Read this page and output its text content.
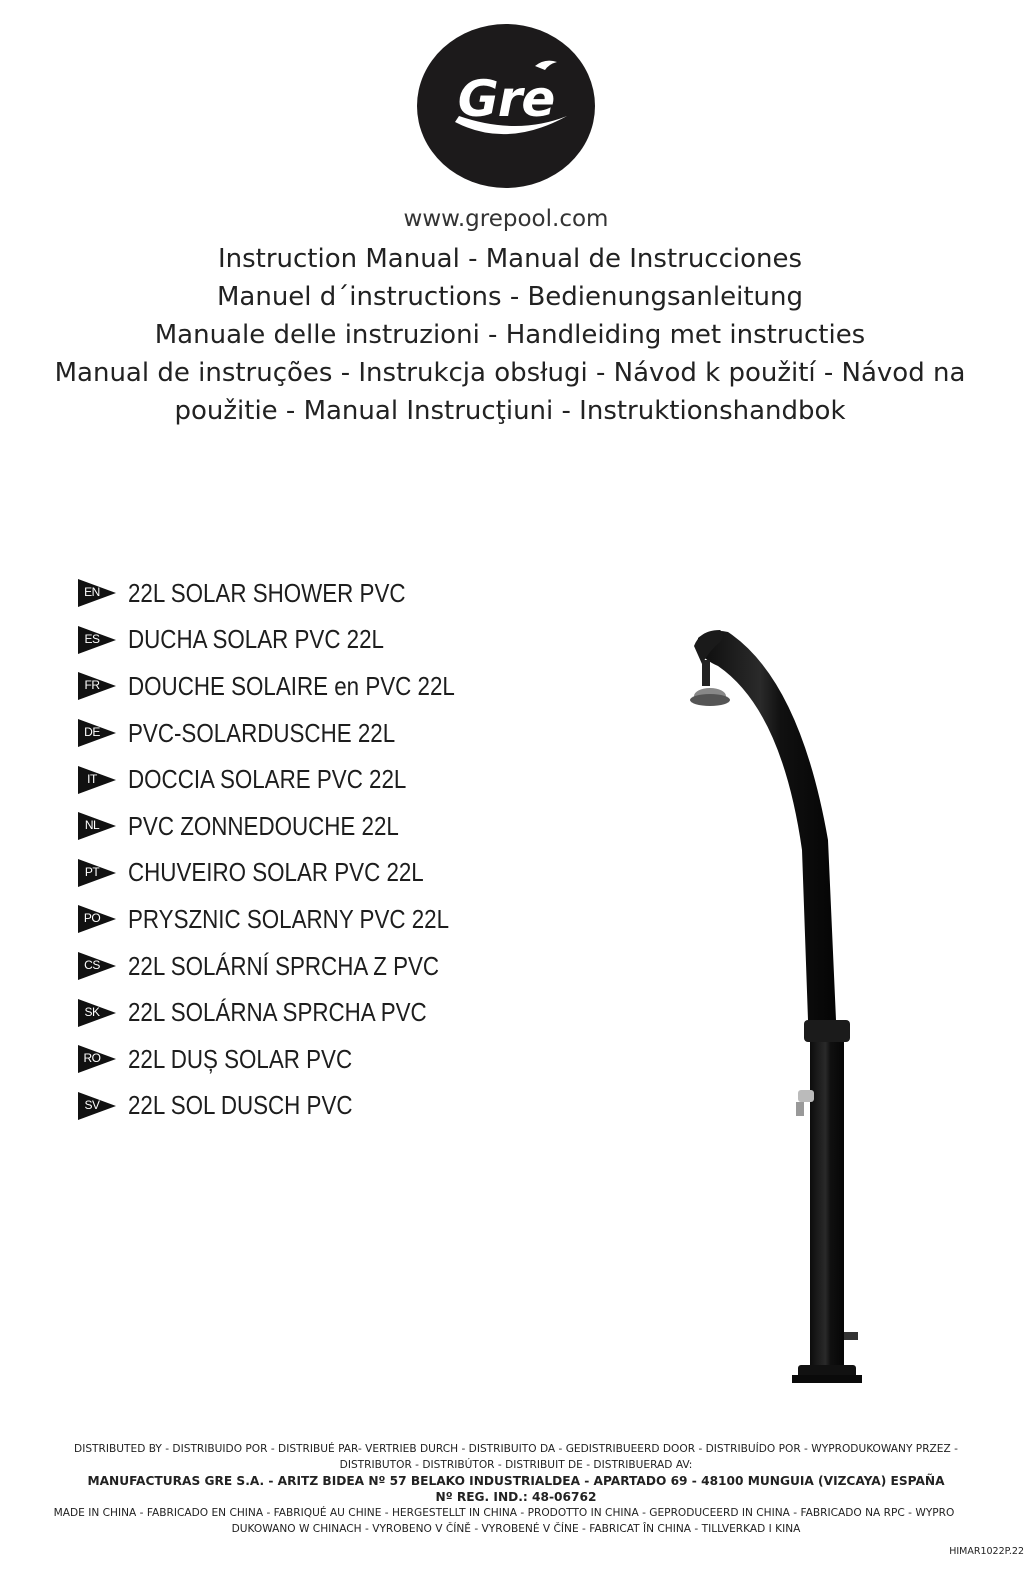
Gre
www.grepool.com
Instruction Manual - Manual de Instrucciones
Manuel d´instructions - Bedienungsanleitung
Manuale delle instruzioni - Handleiding met instructies
Manual de instruções - Instrukcja obsługi - Návod k použití - Návod na
použitie - Manual Instrucţiuni - Instruktionshandbok
EN 22L SOLAR SHOWER PVC
ES DUCHA SOLAR PVC 22L
FR DOUCHE SOLAIRE en PVC 22L
DE PVC-SOLARDUSCHE 22L
IT DOCCIA SOLARE PVC 22L
NL PVC ZONNEDOUCHE 22L
PT CHUVEIRO SOLAR PVC 22L
PO PRYSZNIC SOLARNY PVC 22L
CS 22L SOLÁRNÍ SPRCHA Z PVC
SK 22L SOLÁRNA SPRCHA PVC
RO 22L DUȘ SOLAR PVC
SV 22L SOL DUSCH PVC
DISTRIBUTED BY - DISTRIBUIDO POR - DISTRIBUÉ PAR- VERTRIEB DURCH - DISTRIBUITO DA - GEDISTRIBUEERD DOOR - DISTRIBUÍDO POR - WYPRODUKOWANY PRZEZ -
DISTRIBUTOR - DISTRIBÚTOR - DISTRIBUIT DE - DISTRIBUERAD AV:
MANUFACTURAS GRE S.A. - ARITZ BIDEA Nº 57 BELAKO INDUSTRIALDEA - APARTADO 69 - 48100 MUNGUIA (VIZCAYA) ESPAÑA
Nº REG. IND.: 48-06762
MADE IN CHINA - FABRICADO EN CHINA - FABRIQUÉ AU CHINE - HERGESTELLT IN CHINA - PRODOTTO IN CHINA - GEPRODUCEERD IN CHINA - FABRICADO NA RPC - WYPRO
DUKOWANO W CHINACH - VYROBENO V ČÍNĚ - VYROBENÉ V ČÍNE - FABRICAT ÎN CHINA - TILLVERKAD I KINA
HIMAR1022P.22
